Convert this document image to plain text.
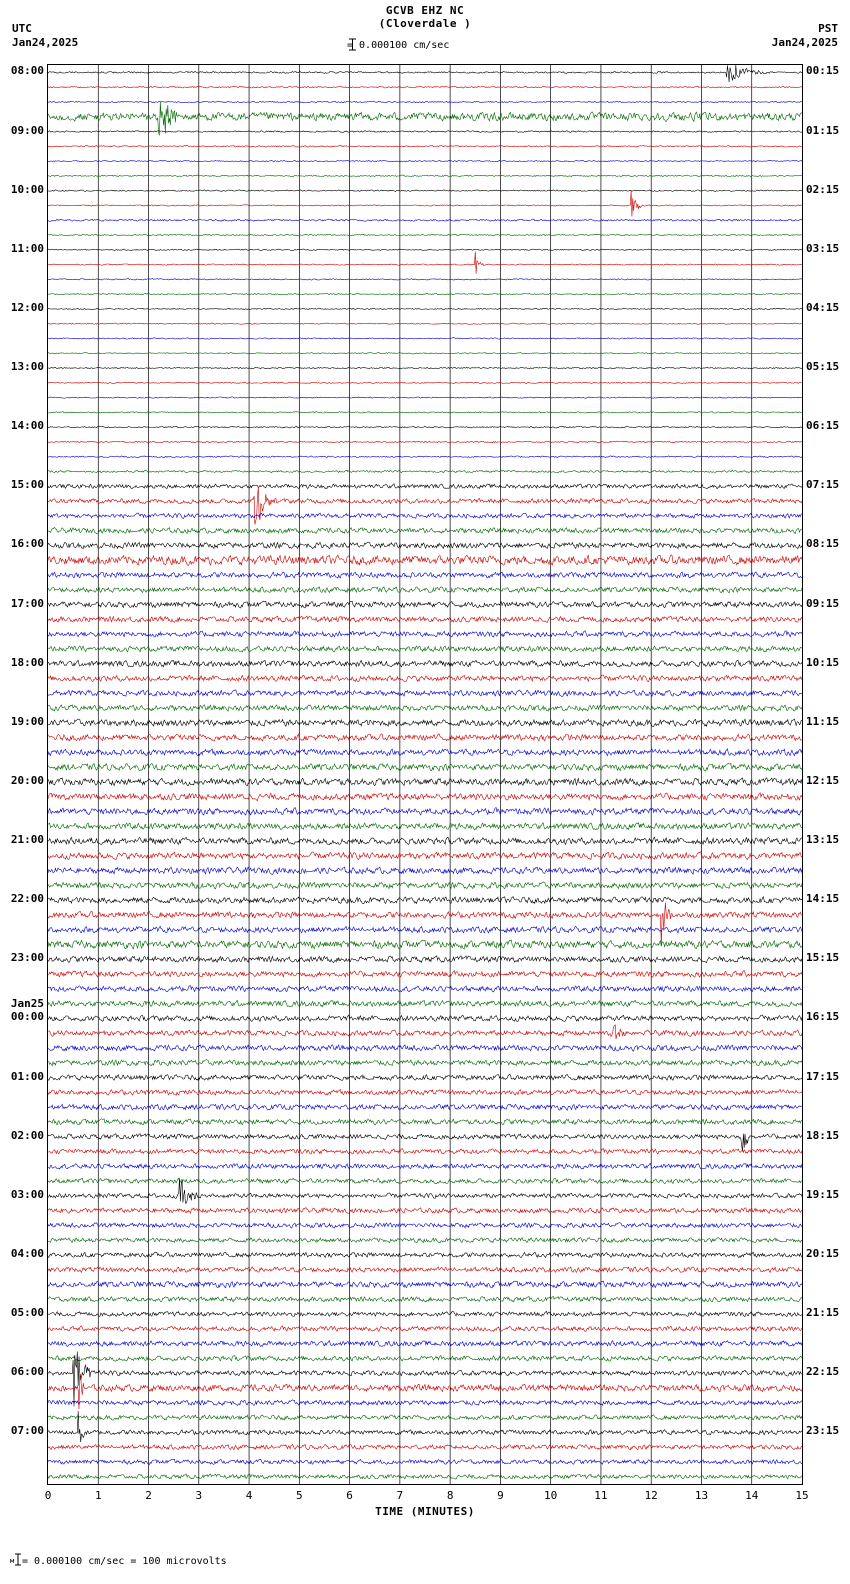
GCVB EHZ NC
(Cloverdale )
= 0.000100 cm/sec
UTC
Jan24,2025
PST
Jan24,2025
08:00
09:00
10:00
11:00
12:00
13:00
14:00
15:00
16:00
17:00
18:00
19:00
20:00
21:00
22:00
23:00
00:00
Jan25
01:00
02:00
03:00
04:00
05:00
06:00
07:00
00:15
01:15
02:15
03:15
04:15
05:15
06:15
07:15
08:15
09:15
10:15
11:15
12:15
13:15
14:15
15:15
16:15
17:15
18:15
19:15
20:15
21:15
22:15
23:15
0	1	2	3	4	5	6	7	8	9	10	11	12	13	14	15
TIME (MINUTES)
м = 0.000100 cm/sec = 100 microvolts
